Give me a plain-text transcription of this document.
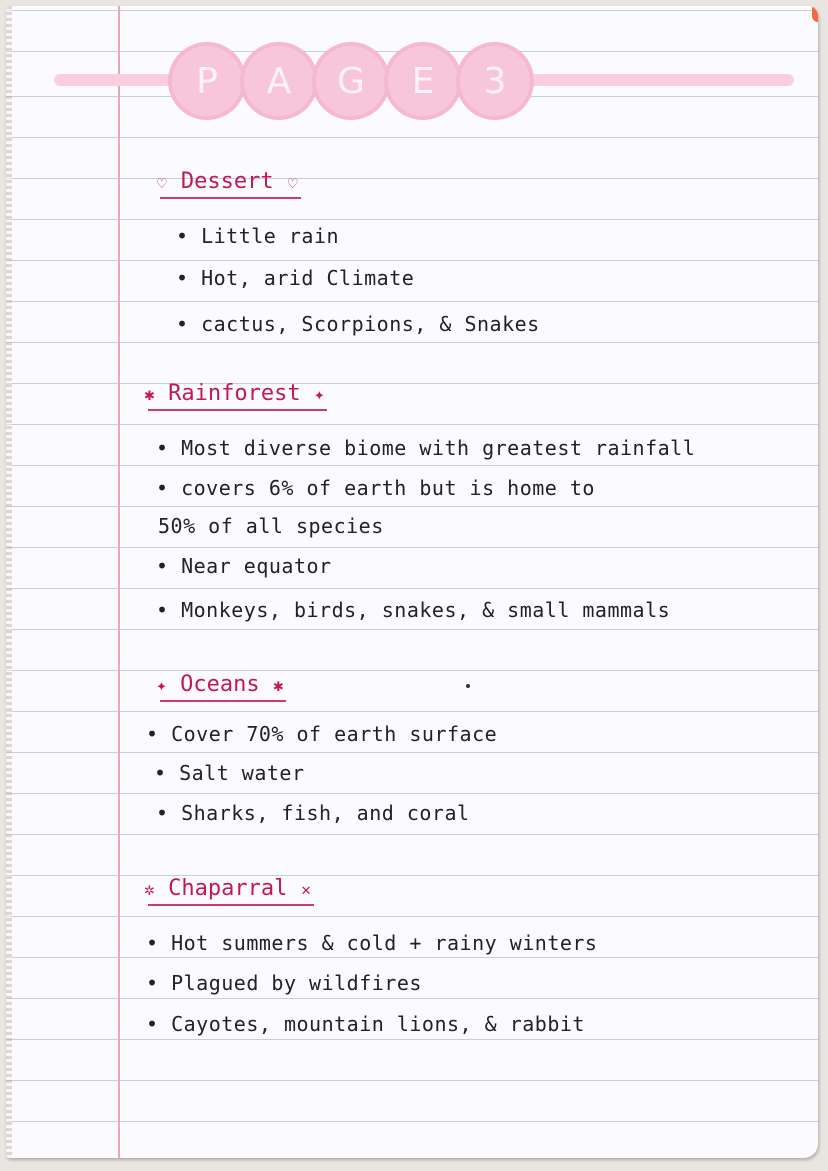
P A G E 3
♡ Dessert ♡
• Little rain
• Hot, arid Climate
• cactus, Scorpions, & Snakes
✱ Rainforest ✦
• Most diverse biome with greatest rainfall
• covers 6% of earth but is home to
50% of all species
• Near equator
• Monkeys, birds, snakes, & small mammals
✦ Oceans ✱
• Cover 70% of earth surface
• Salt water
• Sharks, fish, and coral
✲ Chaparral ✕
• Hot summers & cold + rainy winters
• Plagued by wildfires
• Cayotes, mountain lions, & rabbit
